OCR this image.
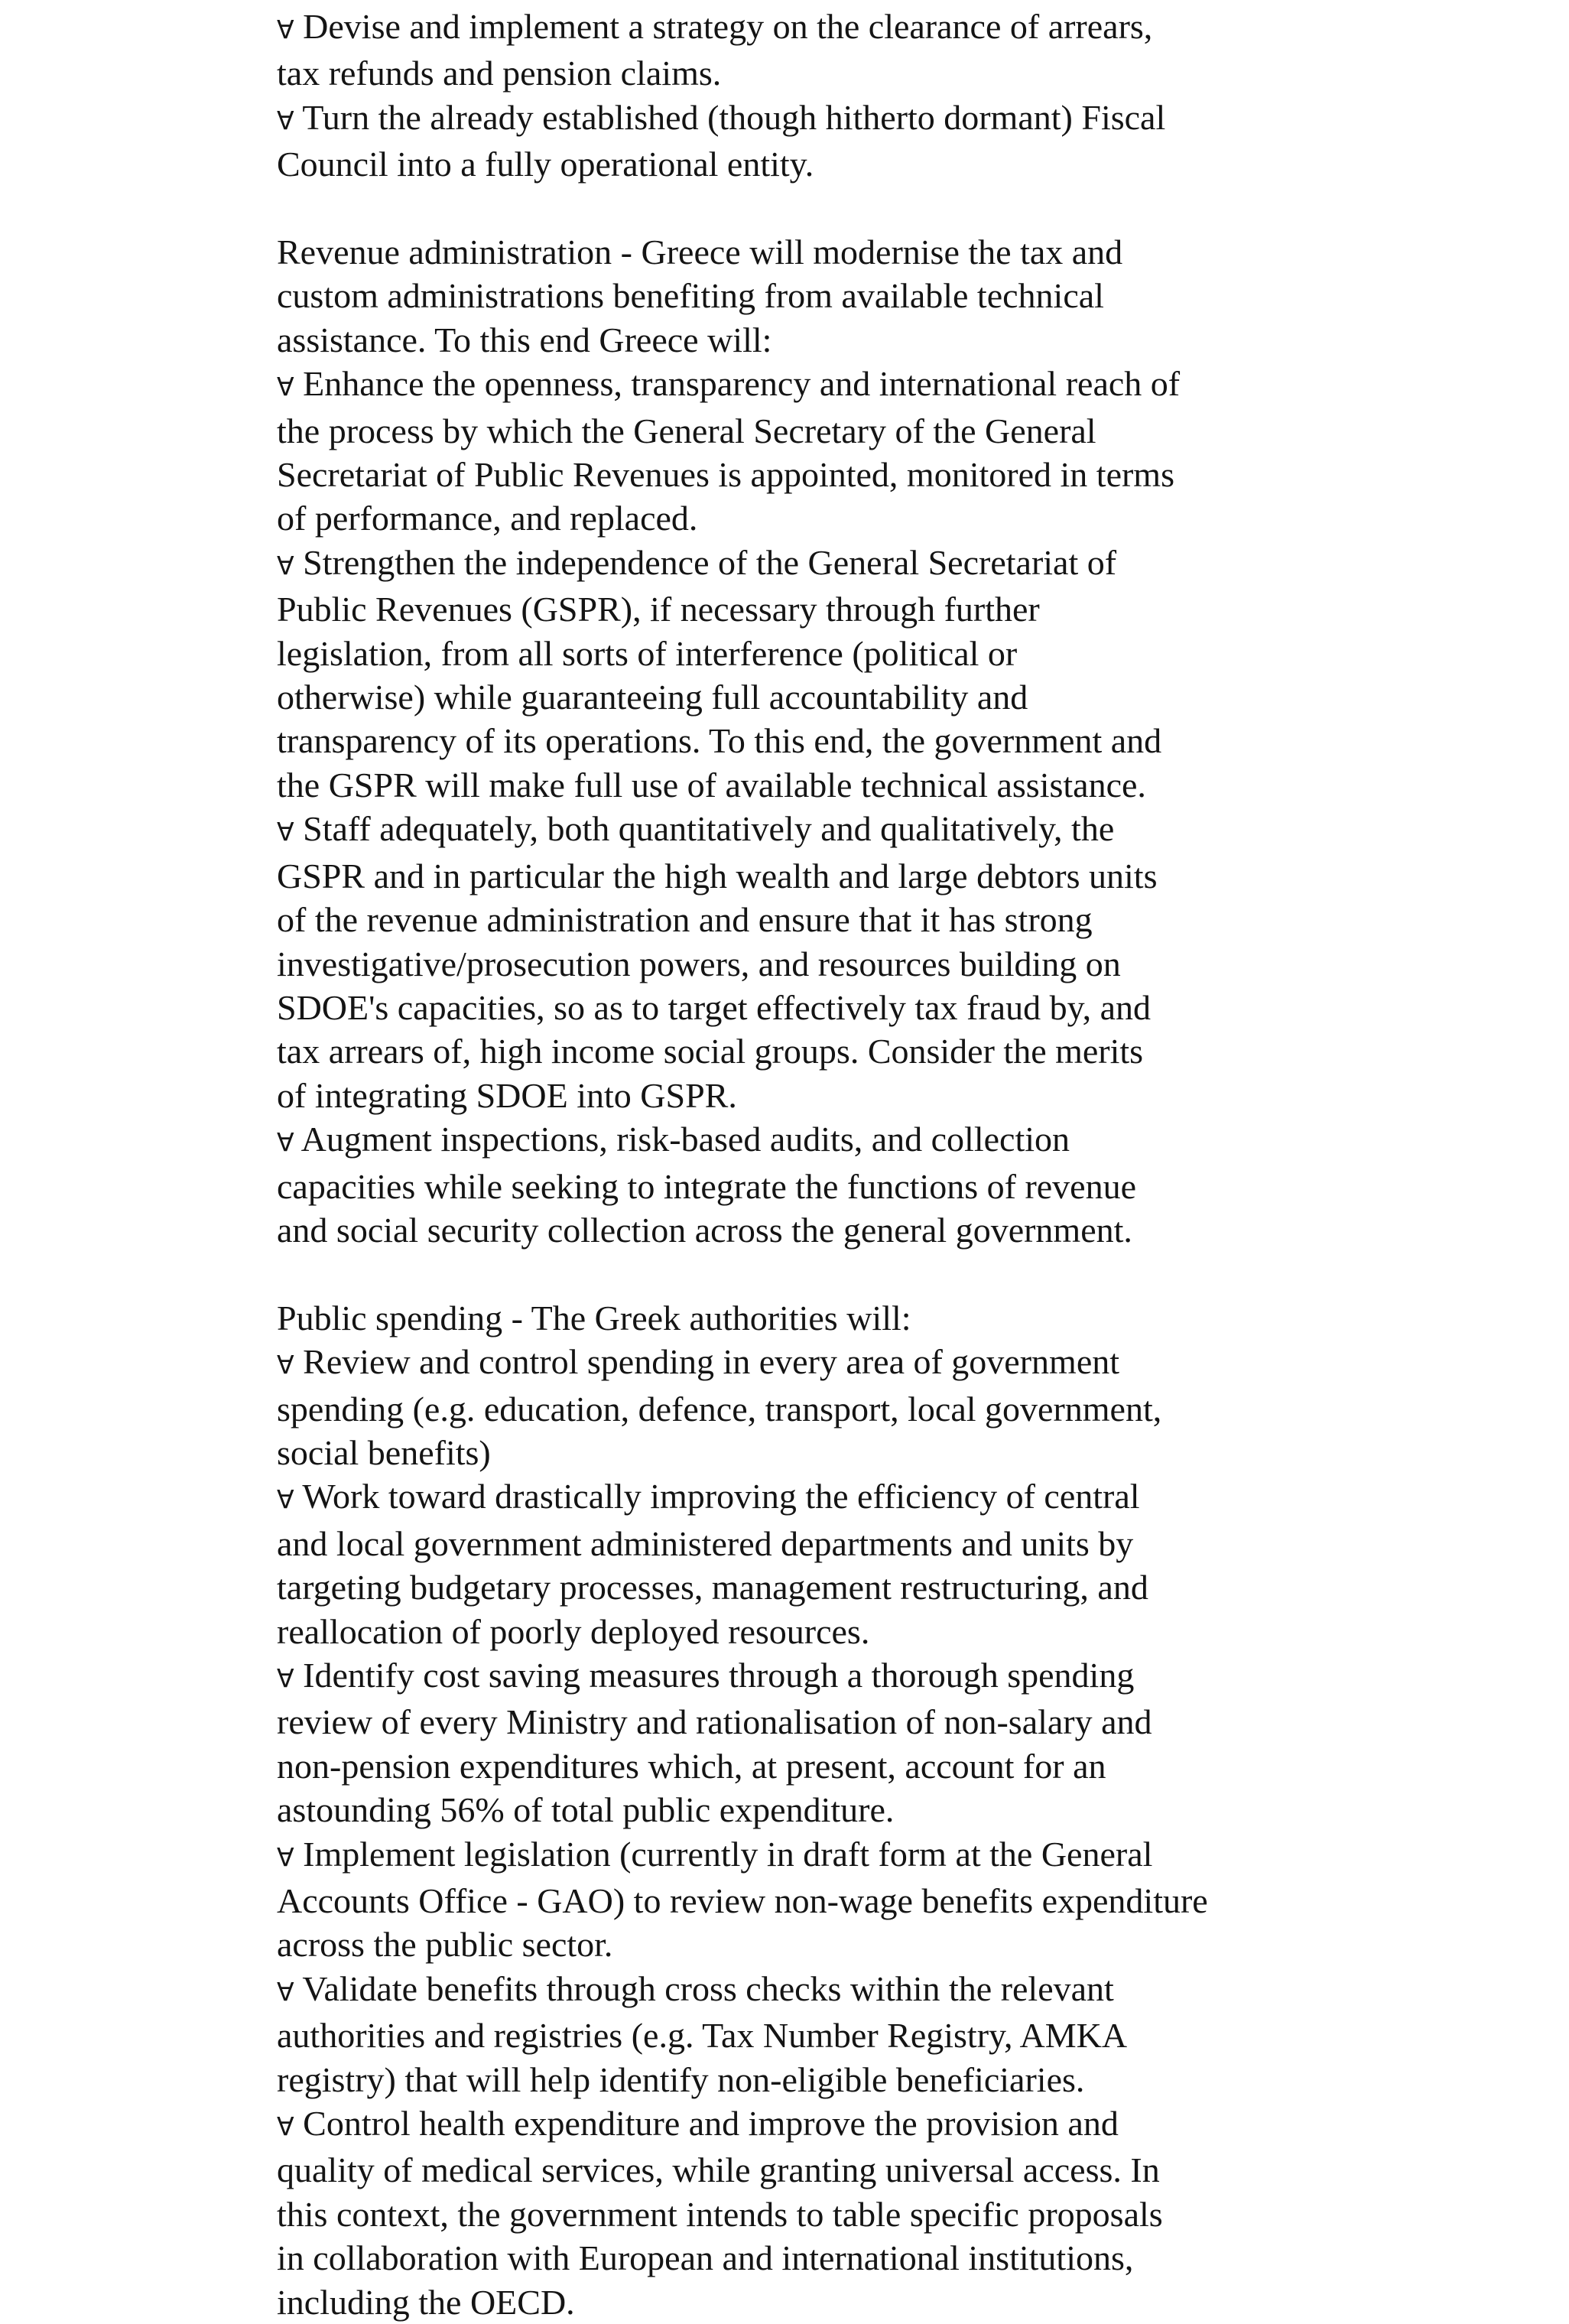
Ɐ Devise and implement a strategy on the clearance of arrears,
tax refunds and pension claims.
Ɐ Turn the already established (though hitherto dormant) Fiscal
Council into a fully operational entity.

Revenue administration - Greece will modernise the tax and
custom administrations benefiting from available technical
assistance. To this end Greece will:
Ɐ Enhance the openness, transparency and international reach of
the process by which the General Secretary of the General
Secretariat of Public Revenues is appointed, monitored in terms
of performance, and replaced.
Ɐ Strengthen the independence of the General Secretariat of
Public Revenues (GSPR), if necessary through further
legislation, from all sorts of interference (political or
otherwise) while guaranteeing full accountability and
transparency of its operations. To this end, the government and
the GSPR will make full use of available technical assistance.
Ɐ Staff adequately, both quantitatively and qualitatively, the
GSPR and in particular the high wealth and large debtors units
of the revenue administration and ensure that it has strong
investigative/prosecution powers, and resources building on
SDOE's capacities, so as to target effectively tax fraud by, and
tax arrears of, high income social groups. Consider the merits
of integrating SDOE into GSPR.
Ɐ Augment inspections, risk-based audits, and collection
capacities while seeking to integrate the functions of revenue
and social security collection across the general government.

Public spending - The Greek authorities will:
Ɐ Review and control spending in every area of government
spending (e.g. education, defence, transport, local government,
social benefits)
Ɐ Work toward drastically improving the efficiency of central
and local government administered departments and units by
targeting budgetary processes, management restructuring, and
reallocation of poorly deployed resources.
Ɐ Identify cost saving measures through a thorough spending
review of every Ministry and rationalisation of non-salary and
non-pension expenditures which, at present, account for an
astounding 56% of total public expenditure.
Ɐ Implement legislation (currently in draft form at the General
Accounts Office - GAO) to review non-wage benefits expenditure
across the public sector.
Ɐ Validate benefits through cross checks within the relevant
authorities and registries (e.g. Tax Number Registry, AMKA
registry) that will help identify non-eligible beneficiaries.
Ɐ Control health expenditure and improve the provision and
quality of medical services, while granting universal access. In
this context, the government intends to table specific proposals
in collaboration with European and international institutions,
including the OECD.
